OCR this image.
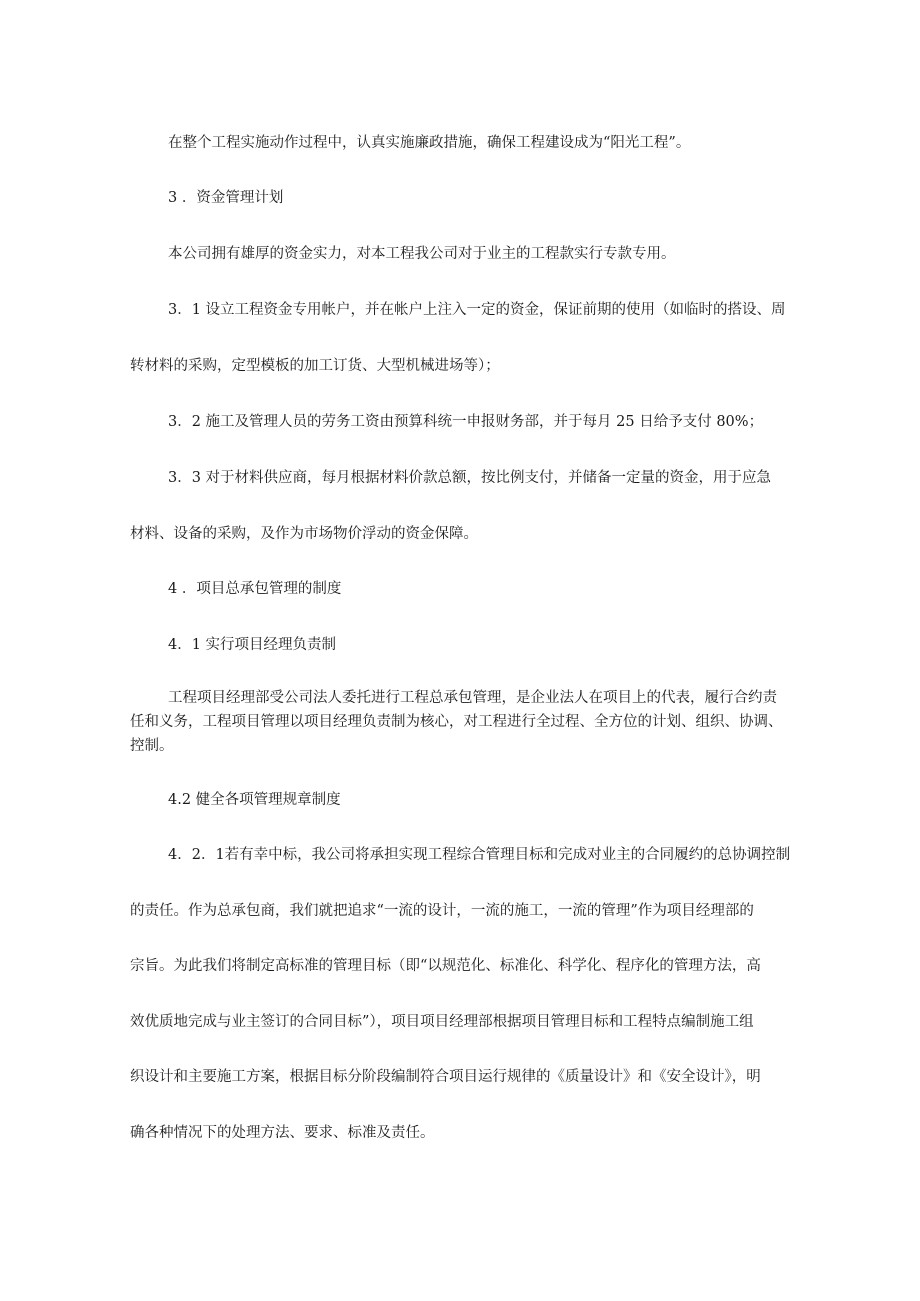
在整个工程实施动作过程中，认真实施廉政措施，确保工程建设成为“阳光工程”。

3 ．资金管理计划

本公司拥有雄厚的资金实力，对本工程我公司对于业主的工程款实行专款专用。

3．1 设立工程资金专用帐户，并在帐户上注入一定的资金，保证前期的使用（如临时的搭设、周

转材料的采购，定型模板的加工订货、大型机械进场等）；

3．2 施工及管理人员的劳务工资由预算科统一申报财务部，并于每月 25 日给予支付 80%；

3．3 对于材料供应商，每月根据材料价款总额，按比例支付，并储备一定量的资金，用于应急

材料、设备的采购，及作为市场物价浮动的资金保障。

4 ．项目总承包管理的制度

4．1 实行项目经理负责制

工程项目经理部受公司法人委托进行工程总承包管理，是企业法人在项目上的代表，履行合约责

任和义务，工程项目管理以项目经理负责制为核心，对工程进行全过程、全方位的计划、组织、协调、

控制。

4.2 健全各项管理规章制度

4．2．1若有幸中标，我公司将承担实现工程综合管理目标和完成对业主的合同履约的总协调控制

的责任。作为总承包商，我们就把追求“一流的设计，一流的施工，一流的管理”作为项目经理部的

宗旨。为此我们将制定高标准的管理目标（即“以规范化、标准化、科学化、程序化的管理方法，高

效优质地完成与业主签订的合同目标”），项目项目经理部根据项目管理目标和工程特点编制施工组

织设计和主要施工方案，根据目标分阶段编制符合项目运行规律的《质量设计》和《安全设计》，明

确各种情况下的处理方法、要求、标准及责任。
